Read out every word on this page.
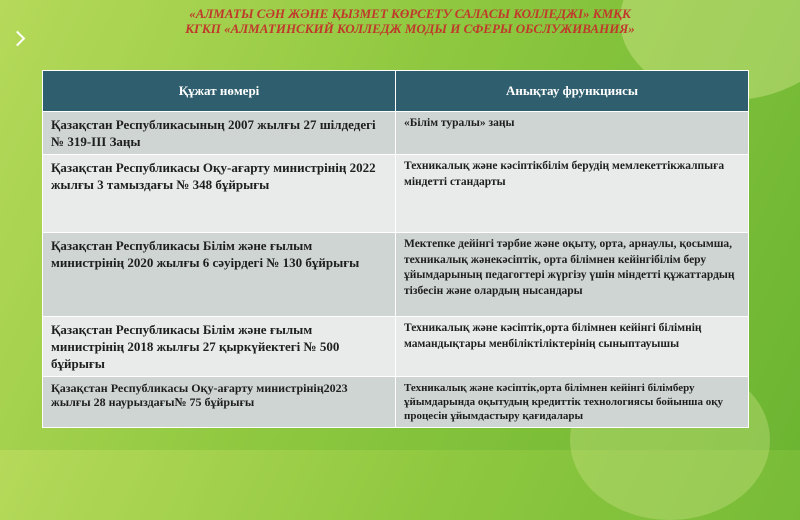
«АЛМАТЫ СӘН ЖӘНЕ ҚЫЗМЕТ КӨРСЕТУ САЛАСЫ КОЛЛЕДЖІ» КМҚК
КГКП «АЛМАТИНСКИЙ КОЛЛЕДЖ МОДЫ И СФЕРЫ ОБСЛУЖИВАНИЯ»
Құжат нөмері	Анықтау фрункциясы
Қазақстан Республикасының 2007 жылғы 27 шілдедегі № 319-ІІІ Заңы	«Білім туралы» заңы
Қазақстан Республикасы Оқу-ағарту министрінің 2022 жылғы 3 тамыздағы № 348 бұйрығы	Техникалық және кәсіптікбілім берудің мемлекеттікжалпыға міндетті стандарты
Қазақстан Республикасы Білім және ғылым министрінің 2020 жылғы 6 сәуірдегі № 130 бұйрығы	Мектепке дейінгі тәрбие және оқыту, орта, арнаулы, қосымша, техникалық жәнекәсіптік, орта білімнен кейінгібілім беру ұйымдарының педагогтері жүргізу үшін міндетті құжаттардың тізбесін және олардың нысандары
Қазақстан Республикасы Білім және ғылым министрінің 2018 жылғы 27 қыркүйектегі № 500 бұйрығы	Техникалық және кәсіптік,орта білімнен кейінгі білімнің мамандықтары менбіліктіліктерінің сыныптауышы
Қазақстан Республикасы Оқу-ағарту министрінің2023 жылғы 28 наурыздағы№ 75 бұйрығы	Техникалық және кәсіптік,орта білімнен кейінгі білімберу ұйымдарында оқытудың кредиттік технологиясы бойынша оқу процесін ұйымдастыру қағидалары
